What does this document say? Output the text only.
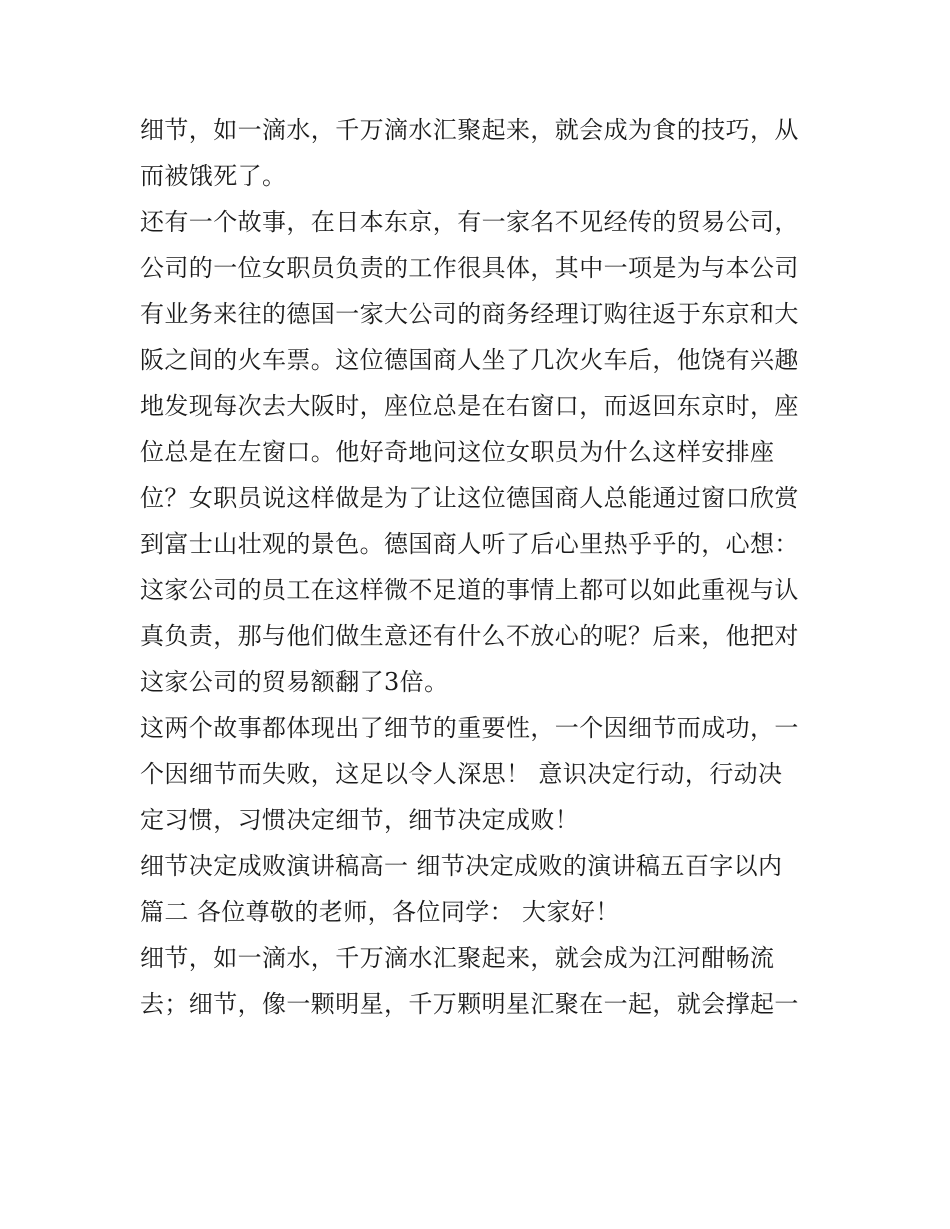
细节，如一滴水，千万滴水汇聚起来，就会成为食的技巧，从
而被饿死了。
还有一个故事，在日本东京，有一家名不见经传的贸易公司，
公司的一位女职员负责的工作很具体，其中一项是为与本公司
有业务来往的德国一家大公司的商务经理订购往返于东京和大
阪之间的火车票。这位德国商人坐了几次火车后，他饶有兴趣
地发现每次去大阪时，座位总是在右窗口，而返回东京时，座
位总是在左窗口。他好奇地问这位女职员为什么这样安排座
位？女职员说这样做是为了让这位德国商人总能通过窗口欣赏
到富士山壮观的景色。德国商人听了后心里热乎乎的，心想：
这家公司的员工在这样微不足道的事情上都可以如此重视与认
真负责，那与他们做生意还有什么不放心的呢？后来，他把对
这家公司的贸易额翻了3倍。
这两个故事都体现出了细节的重要性，一个因细节而成功，一
个因细节而失败，这足以令人深思！ 意识决定行动，行动决
定习惯，习惯决定细节，细节决定成败！
细节决定成败演讲稿高一 细节决定成败的演讲稿五百字以内
篇二 各位尊敬的老师，各位同学： 大家好！
细节，如一滴水，千万滴水汇聚起来，就会成为江河酣畅流
去；细节，像一颗明星，千万颗明星汇聚在一起，就会撑起一
